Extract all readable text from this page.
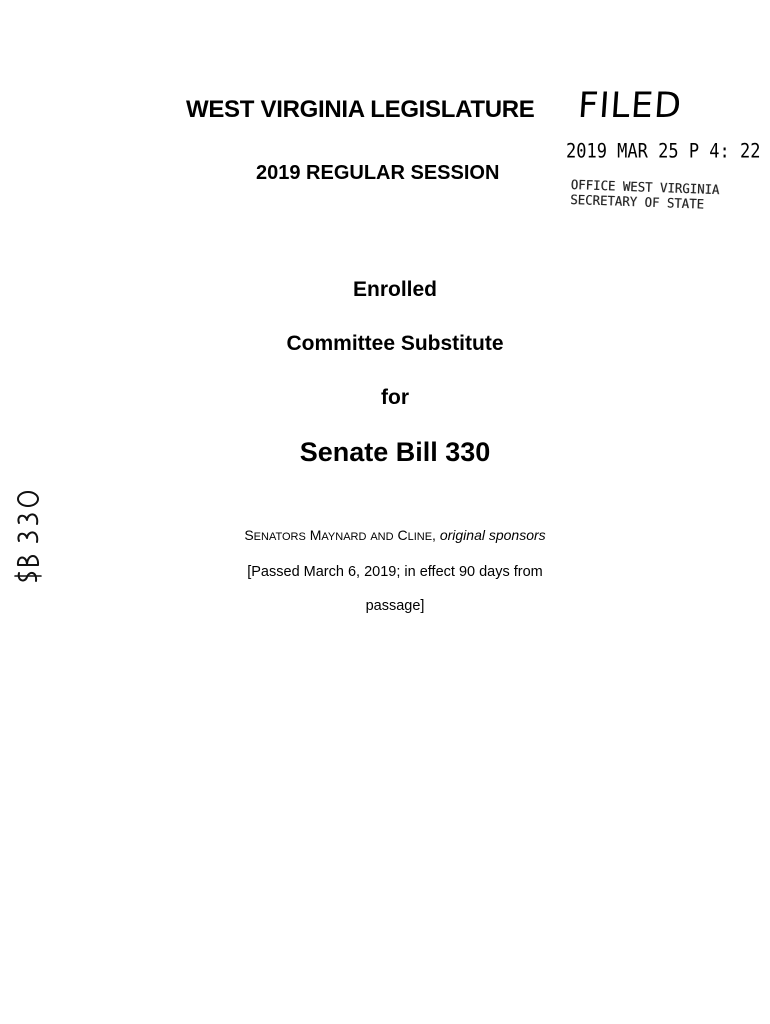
WEST VIRGINIA LEGISLATURE
2019 REGULAR SESSION
FILED
2019 MAR 25 P 4: 22
OFFICE WEST VIRGINIA
SECRETARY OF STATE
Enrolled
Committee Substitute
for
Senate Bill 330
SENATORS MAYNARD AND CLINE, original sponsors
[Passed March 6, 2019; in effect 90 days from
passage]
